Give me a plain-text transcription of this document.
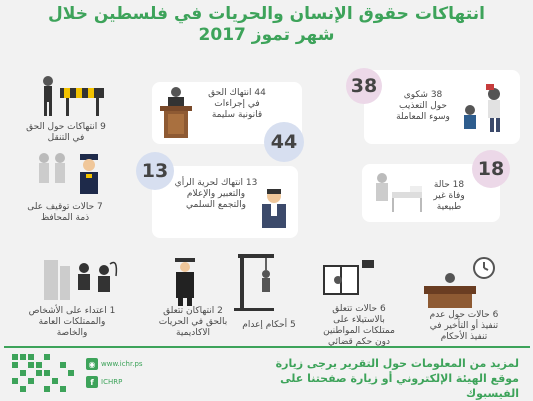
انتهاكات حقوق الإنسان والحريات في فلسطين خلال
شهر تموز 2017
38	38 شكوى حول التعذيب وسوء المعاملة
44
44 انتهاك الحق في إجراءات قانونية سليمة
9 انتهاكات حول الحق في التنقل
18
18 حالة وفاة غير طبيعية
13
13 انتهاك لحرية الرأي والتعبير والإعلام والتجمع السلمي
7 حالات توقيف على ذمة المحافظ
6 حالات حول عدم تنفيذ أو التأخير في تنفيذ الأحكام
6 حالات تتعلق بالاستيلاء على ممتلكات المواطنين دون حكم قضائي
5 أحكام إعدام
2 انتهاكان تتعلق بالحق في الحريات الاكاديمية
1 اعتداء على الأشخاص والممتلكات العامة والخاصة
لمزيد من المعلومات حول التقرير يرجى زيارة موقع الهيئة الإلكتروني أو زيارة صفحتنا على الفيسبوك
◉ www.ichr.ps
f	ICHRP
